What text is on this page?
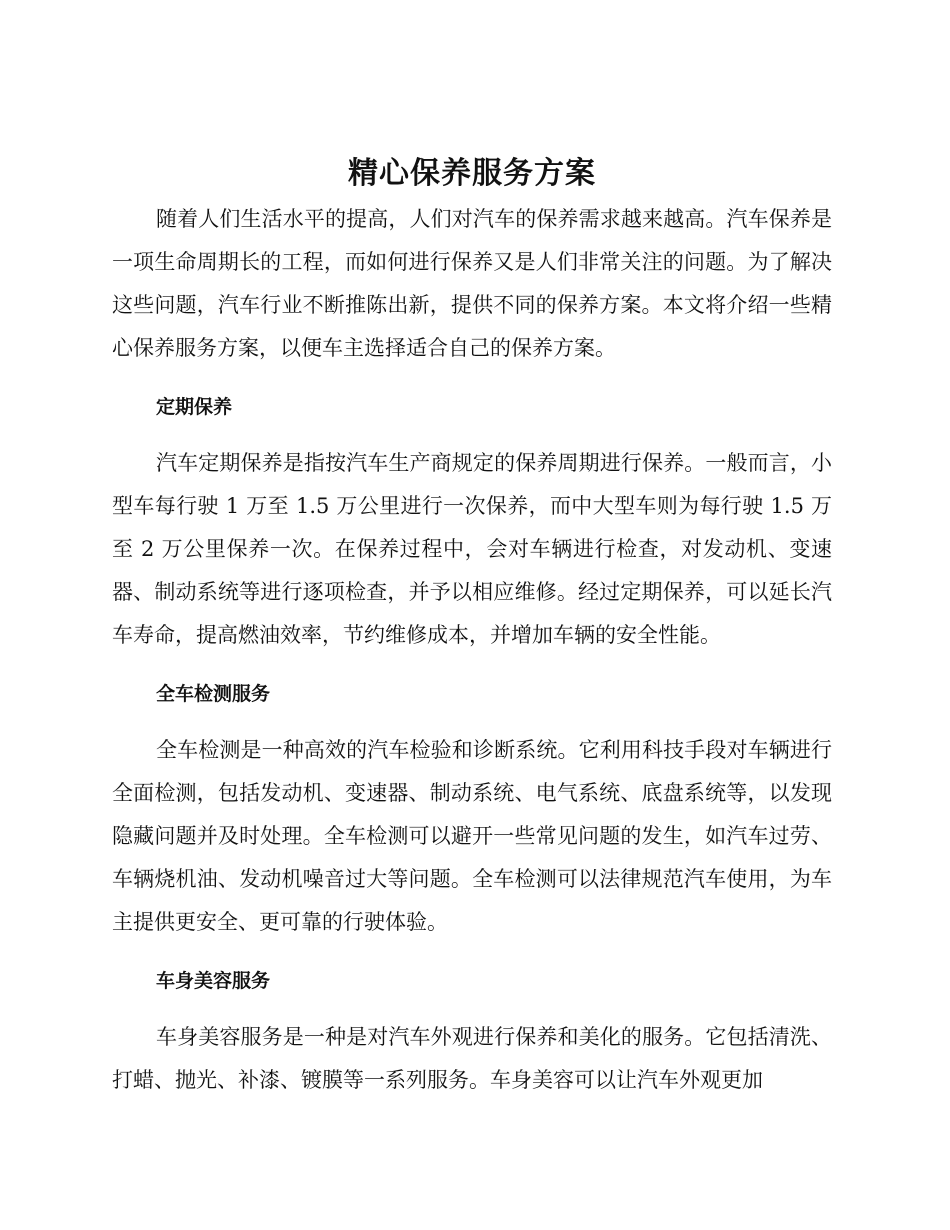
精心保养服务方案

随着人们生活水平的提高，人们对汽车的保养需求越来越高。汽车保养是一项生命周期长的工程，而如何进行保养又是人们非常关注的问题。为了解决这些问题，汽车行业不断推陈出新，提供不同的保养方案。本文将介绍一些精心保养服务方案，以便车主选择适合自己的保养方案。

定期保养

汽车定期保养是指按汽车生产商规定的保养周期进行保养。一般而言，小型车每行驶 1 万至 1.5 万公里进行一次保养，而中大型车则为每行驶 1.5 万至 2 万公里保养一次。在保养过程中，会对车辆进行检查，对发动机、变速器、制动系统等进行逐项检查，并予以相应维修。经过定期保养，可以延长汽车寿命，提高燃油效率，节约维修成本，并增加车辆的安全性能。

全车检测服务

全车检测是一种高效的汽车检验和诊断系统。它利用科技手段对车辆进行全面检测，包括发动机、变速器、制动系统、电气系统、底盘系统等，以发现隐藏问题并及时处理。全车检测可以避开一些常见问题的发生，如汽车过劳、车辆烧机油、发动机噪音过大等问题。全车检测可以法律规范汽车使用，为车主提供更安全、更可靠的行驶体验。

车身美容服务

车身美容服务是一种是对汽车外观进行保养和美化的服务。它包括清洗、打蜡、抛光、补漆、镀膜等一系列服务。车身美容可以让汽车外观更加
